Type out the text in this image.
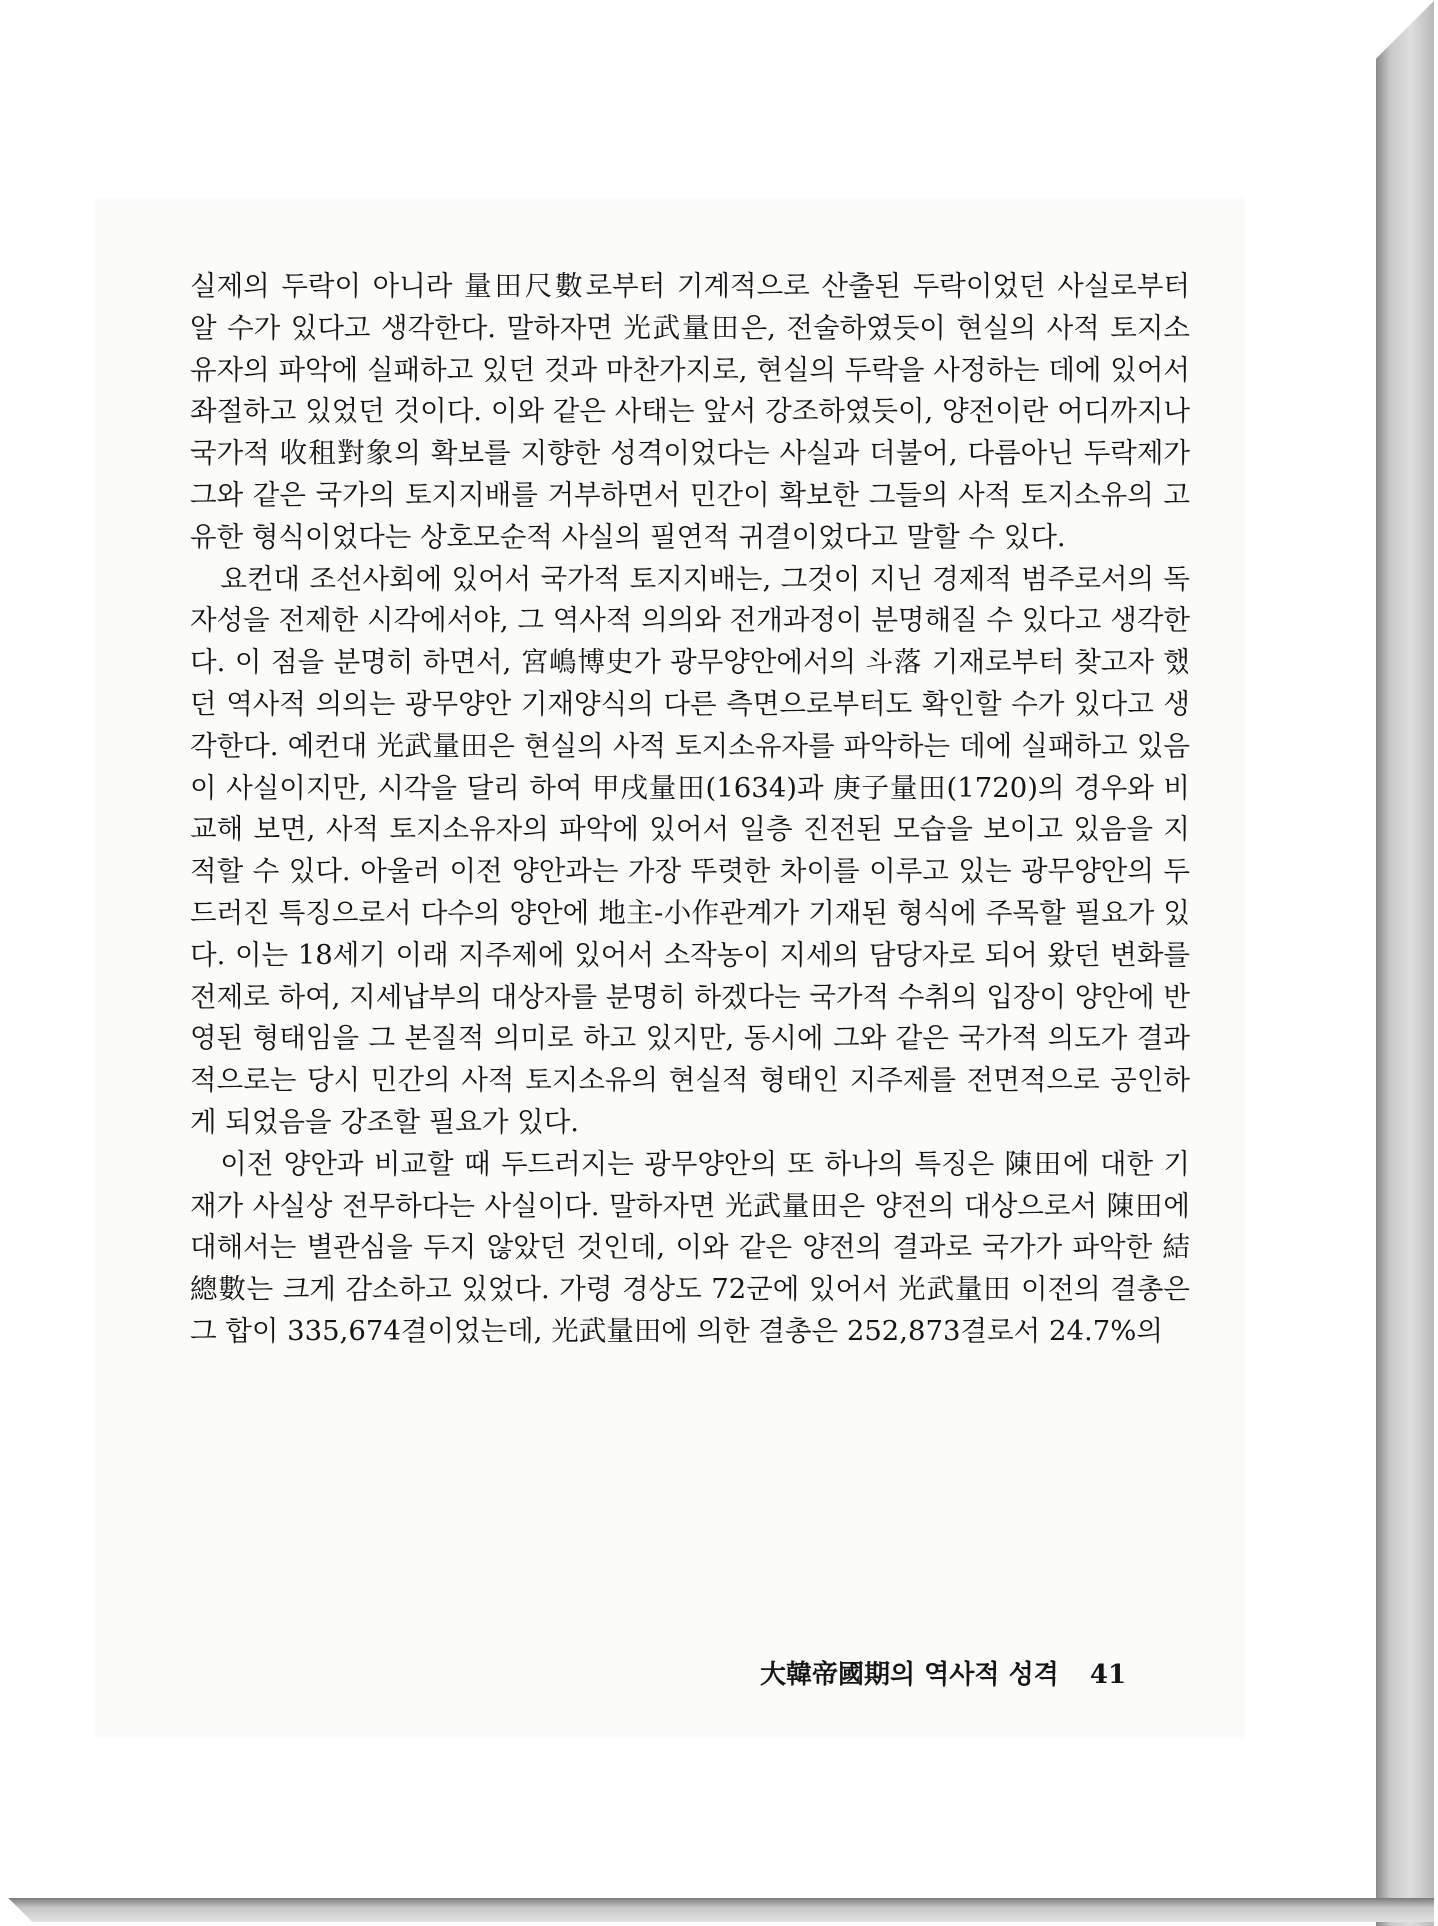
실제의 두락이 아니라 量田尺數로부터 기계적으로 산출된 두락이었던 사실로부터 알 수가 있다고 생각한다. 말하자면 光武量田은, 전술하였듯이 현실의 사적 토지소유자의 파악에 실패하고 있던 것과 마찬가지로, 현실의 두락을 사정하는 데에 있어서 좌절하고 있었던 것이다. 이와 같은 사태는 앞서 강조하였듯이, 양전이란 어디까지나 국가적 收租對象의 확보를 지향한 성격이었다는 사실과 더불어, 다름아닌 두락제가 그와 같은 국가의 토지지배를 거부하면서 민간이 확보한 그들의 사적 토지소유의 고유한 형식이었다는 상호모순적 사실의 필연적 귀결이었다고 말할 수 있다.

요컨대 조선사회에 있어서 국가적 토지지배는, 그것이 지닌 경제적 범주로서의 독자성을 전제한 시각에서야, 그 역사적 의의와 전개과정이 분명해질 수 있다고 생각한다. 이 점을 분명히 하면서, 宮嶋博史가 광무양안에서의 斗落 기재로부터 찾고자 했던 역사적 의의는 광무양안 기재양식의 다른 측면으로부터도 확인할 수가 있다고 생각한다. 예컨대 光武量田은 현실의 사적 토지소유자를 파악하는 데에 실패하고 있음이 사실이지만, 시각을 달리 하여 甲戌量田(1634)과 庚子量田(1720)의 경우와 비교해 보면, 사적 토지소유자의 파악에 있어서 일층 진전된 모습을 보이고 있음을 지적할 수 있다. 아울러 이전 양안과는 가장 뚜렷한 차이를 이루고 있는 광무양안의 두드러진 특징으로서 다수의 양안에 地主-小作관계가 기재된 형식에 주목할 필요가 있다. 이는 18세기 이래 지주제에 있어서 소작농이 지세의 담당자로 되어 왔던 변화를 전제로 하여, 지세납부의 대상자를 분명히 하겠다는 국가적 수취의 입장이 양안에 반영된 형태임을 그 본질적 의미로 하고 있지만, 동시에 그와 같은 국가적 의도가 결과적으로는 당시 민간의 사적 토지소유의 현실적 형태인 지주제를 전면적으로 공인하게 되었음을 강조할 필요가 있다.

이전 양안과 비교할 때 두드러지는 광무양안의 또 하나의 특징은 陳田에 대한 기재가 사실상 전무하다는 사실이다. 말하자면 光武量田은 양전의 대상으로서 陳田에 대해서는 별관심을 두지 않았던 것인데, 이와 같은 양전의 결과로 국가가 파악한 結總數는 크게 감소하고 있었다. 가령 경상도 72군에 있어서 光武量田 이전의 결총은 그 합이 335,674결이었는데, 光武量田에 의한 결총은 252,873결로서 24.7%의

大韓帝國期의 역사적 성격 41
